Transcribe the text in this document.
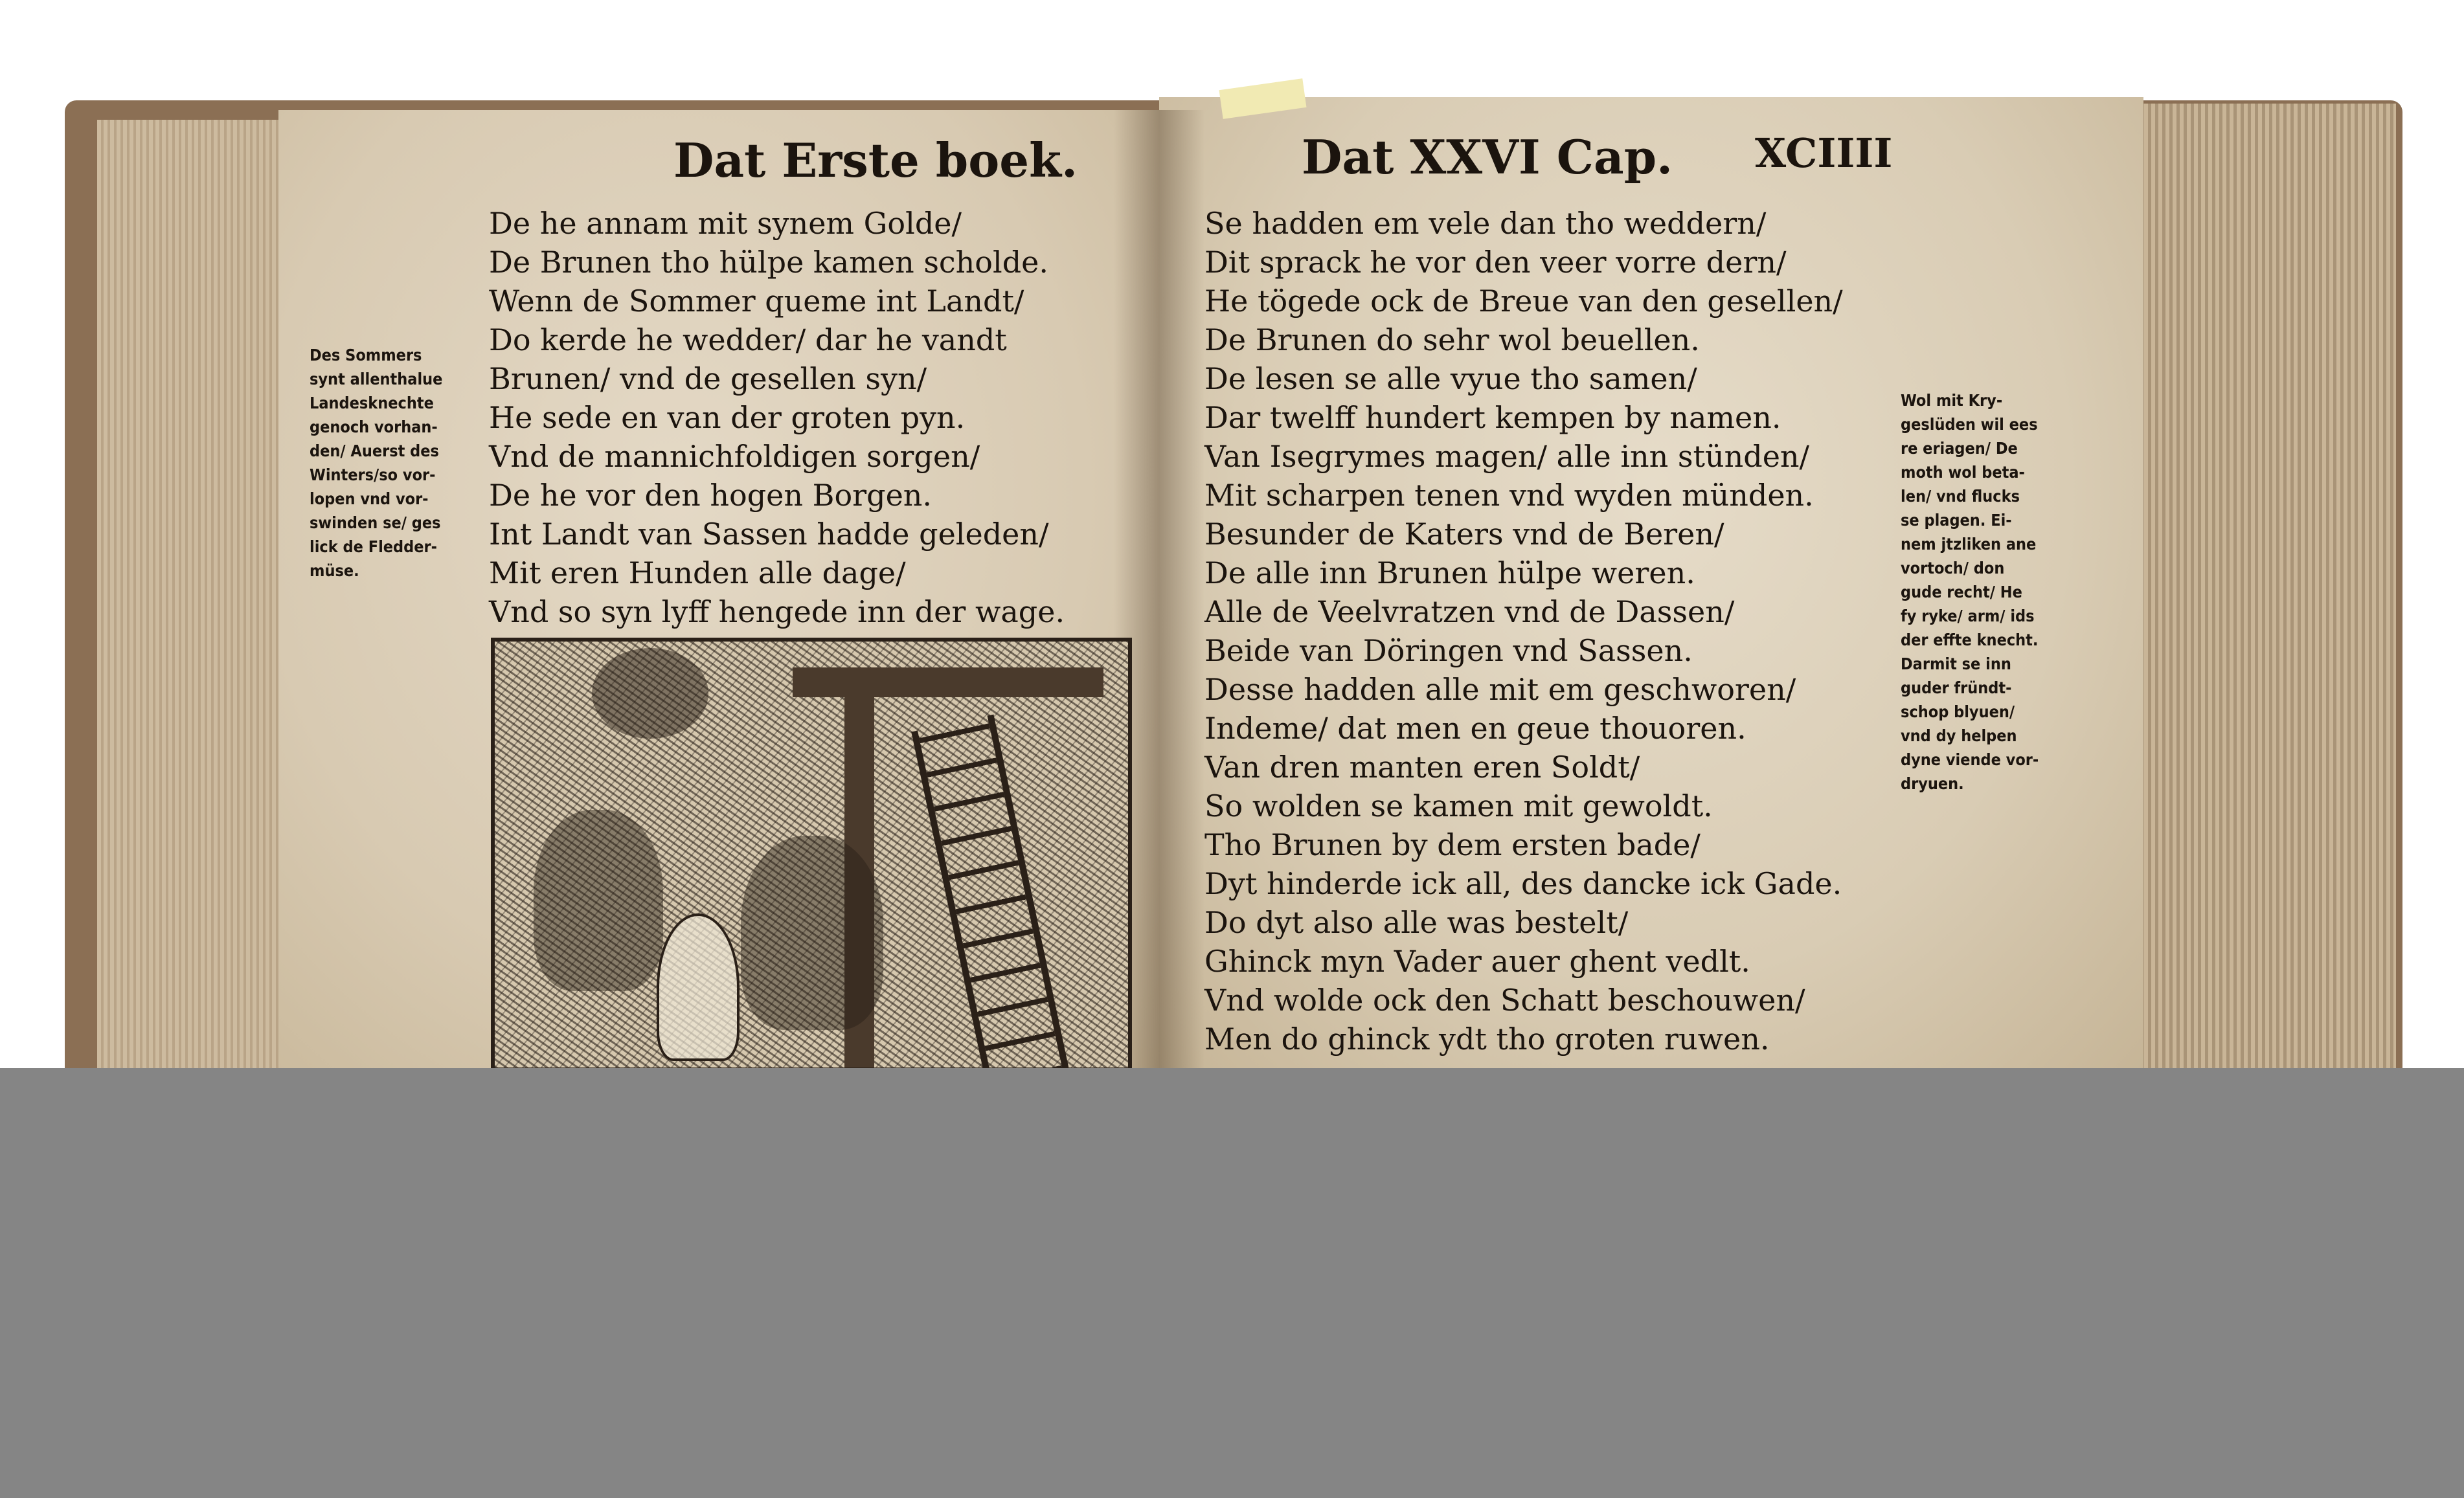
Dat Erste boek.
De he annam mit synem Golde/
De Brunen tho hülpe kamen scholde.
Wenn de Sommer queme int Landt/
Do kerde he wedder/ dar he vandt
Brunen/ vnd de gesellen syn/
He sede en van der groten pyn.
Vnd de mannichfoldigen sorgen/
De he vor den hogen Borgen.
Int Landt van Sassen hadde geleden/
Mit eren Hunden alle dage/
Vnd so syn lyff hengede inn der wage.
Des Sommers
synt allenthalue
Landesknechte
genoch vorhan-
den/ Auerst des
Winters/so vor-
lopen vnd vor-
swinden se/ ges
lick de Fledder-
müse.
Dat XXVI Cap. XCIIII
Se hadden em vele dan tho weddern/
Dit sprack he vor den veer vorre dern/
He tögede ock de Breue van den gesellen/
De Brunen do sehr wol beuellen.
De lesen se alle vyue tho samen/
Dar twelff hundert kempen by namen.
Van Isegrymes magen/ alle inn stünden/
Mit scharpen tenen vnd wyden münden.
Besunder de Katers vnd de Beren/
De alle inn Brunen hülpe weren.
Alle de Veelvratzen vnd de Dassen/
Beide van Döringen vnd Sassen.
Desse hadden alle mit em geschworen/
Indeme/ dat men en geue thouoren.
Van dren manten eren Soldt/
So wolden se kamen mit gewoldt.
Tho Brunen by dem ersten bade/
Dyt hinderde ick all, des dancke ick Gade.
Do dyt also alle was bestelt/
Ghinck myn Vader auer ghent vedlt.
Vnd wolde ock den Schatt beschouwen/
Men do ghinck ydt tho groten ruwen.
Wol mit Kry-
geslüden wil ees
re eriagen/ De
moth wol beta-
len/ vnd flucks
se plagen. Ei-
nem jtzliken ane
vortoch/ don
gude recht/ He
fy ryke/ arm/ ids
der effte knecht.
Darmit se inn
guder fründt-
schop blyuen/
vnd dy helpen
dyne viende vor-
dryuen.
